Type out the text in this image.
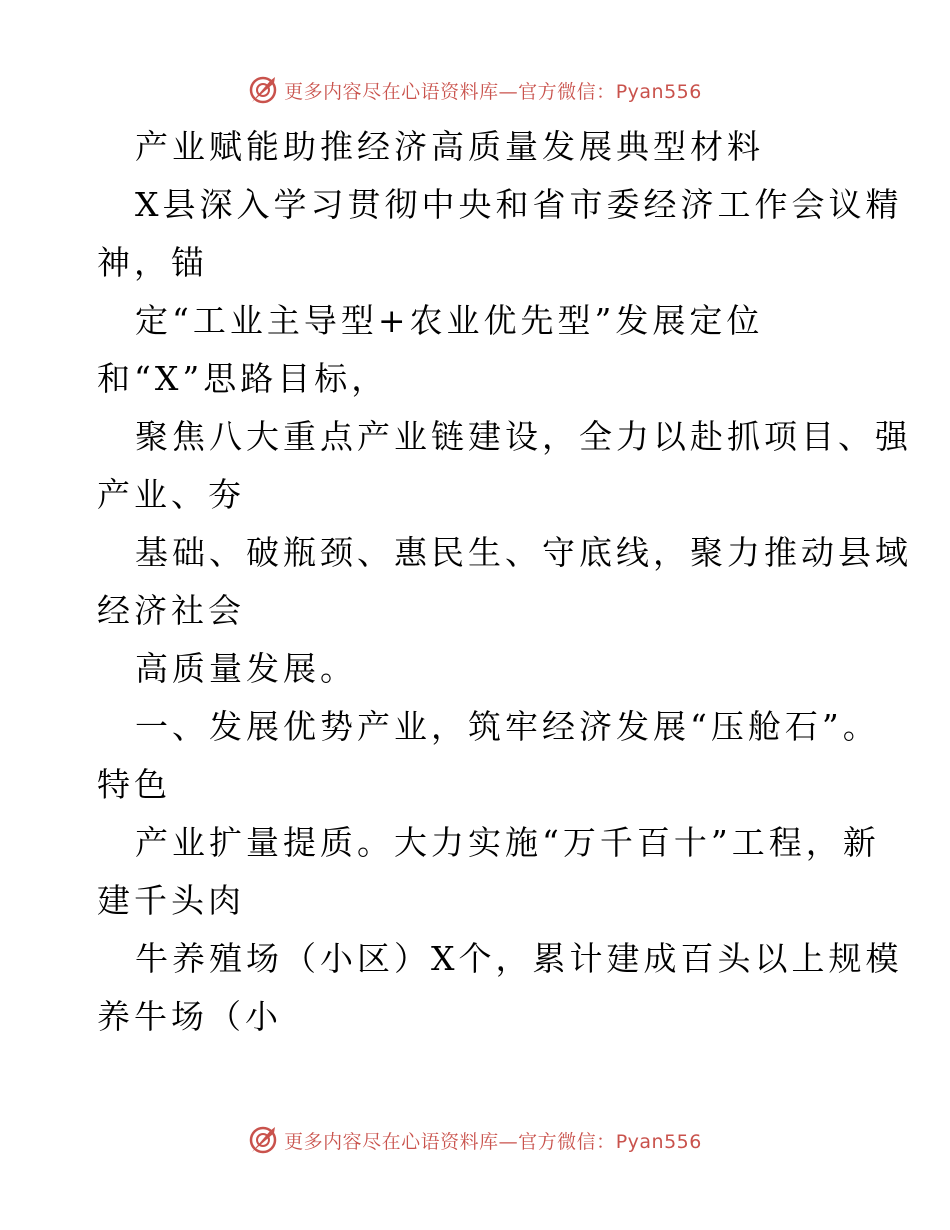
更多内容尽在心语资料库—官方微信：Pyan556
产业赋能助推经济高质量发展典型材料
X县深入学习贯彻中央和省市委经济工作会议精
神，锚
定“工业主导型+农业优先型”发展定位
和“X”思路目标，
聚焦八大重点产业链建设，全力以赴抓项目、强
产业、夯
基础、破瓶颈、惠民生、守底线，聚力推动县域
经济社会
高质量发展。
一、发展优势产业，筑牢经济发展“压舱石”。
特色
产业扩量提质。大力实施“万千百十”工程，新
建千头肉
牛养殖场（小区）X个，累计建成百头以上规模
养牛场（小
更多内容尽在心语资料库—官方微信：Pyan556
